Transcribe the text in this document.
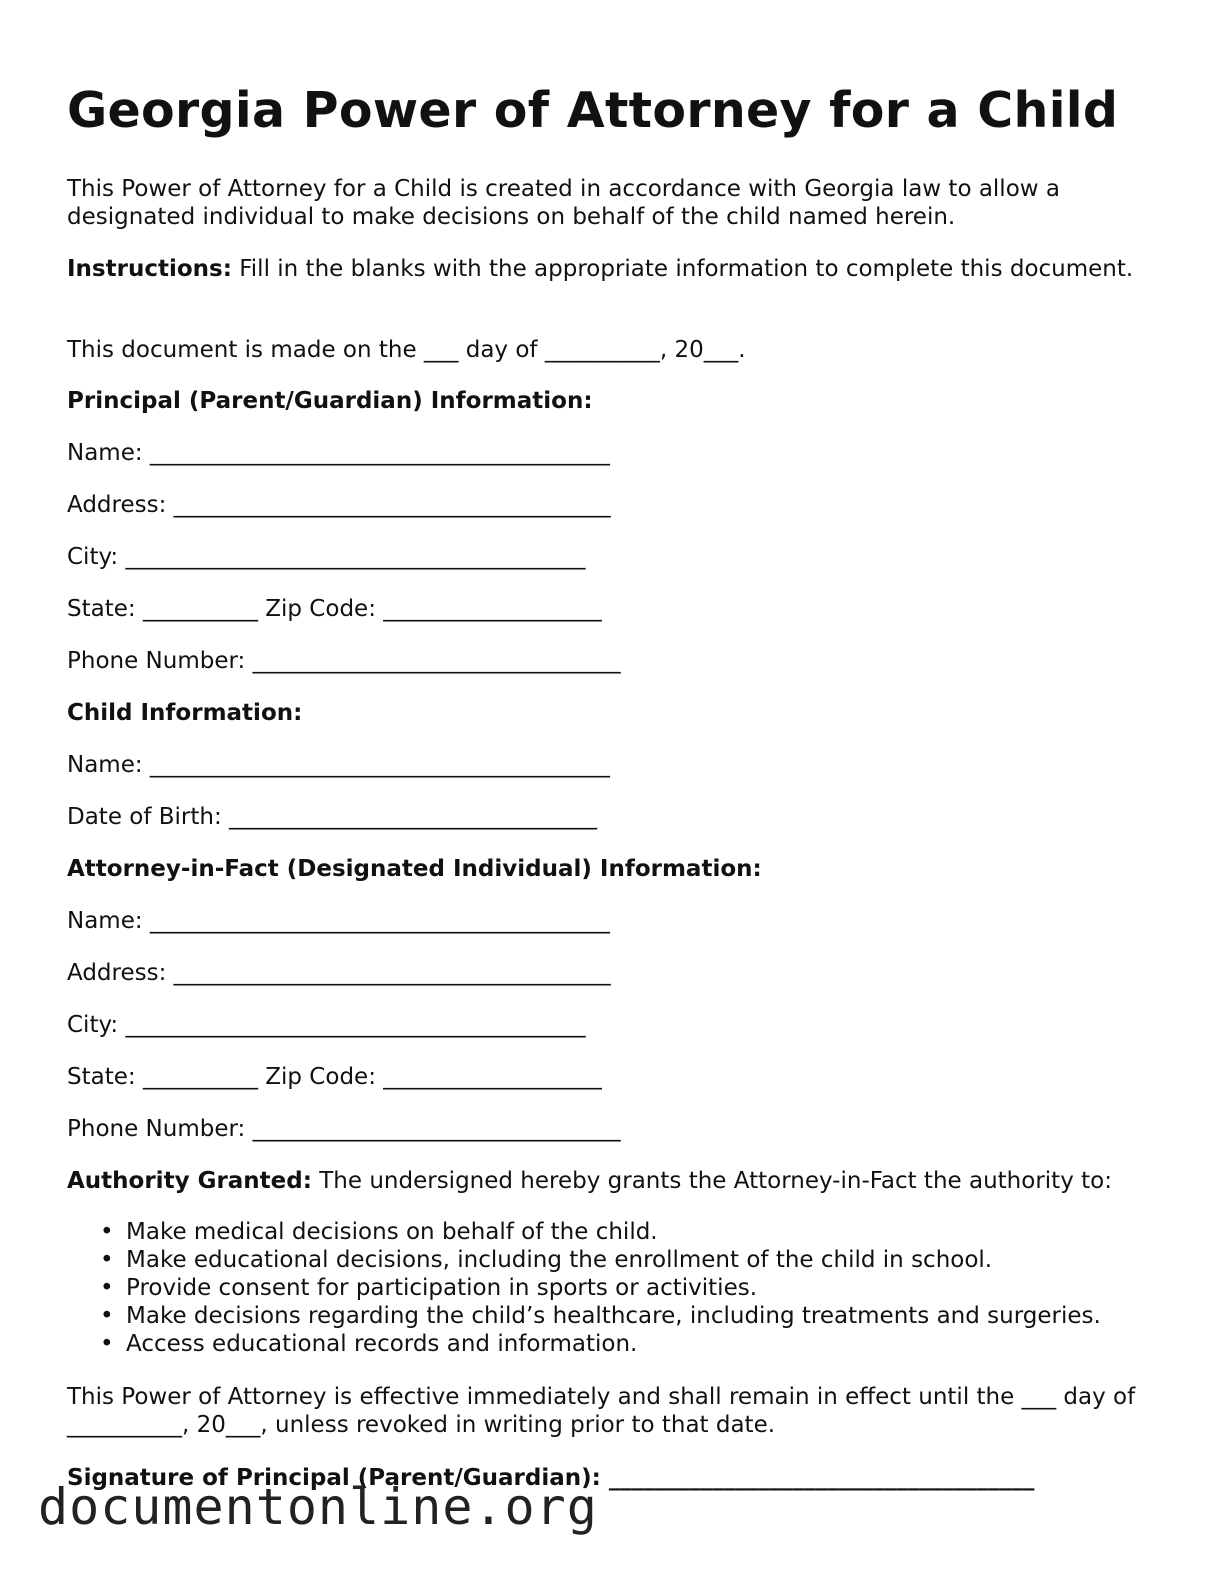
Georgia Power of Attorney for a Child

This Power of Attorney for a Child is created in accordance with Georgia law to allow a designated individual to make decisions on behalf of the child named herein.

Instructions: Fill in the blanks with the appropriate information to complete this document.

This document is made on the ___ day of __________, 20___.

Principal (Parent/Guardian) Information:

Name: ________________________________________

Address: ______________________________________

City: ________________________________________

State: __________ Zip Code: ___________________

Phone Number: ________________________________

Child Information:

Name: ________________________________________

Date of Birth: ________________________________

Attorney-in-Fact (Designated Individual) Information:

Name: ________________________________________

Address: ______________________________________

City: ________________________________________

State: __________ Zip Code: ___________________

Phone Number: ________________________________

Authority Granted: The undersigned hereby grants the Attorney-in-Fact the authority to:

• Make medical decisions on behalf of the child.
• Make educational decisions, including the enrollment of the child in school.
• Provide consent for participation in sports or activities.
• Make decisions regarding the child’s healthcare, including treatments and surgeries.
• Access educational records and information.

This Power of Attorney is effective immediately and shall remain in effect until the ___ day of __________, 20___, unless revoked in writing prior to that date.

Signature of Principal (Parent/Guardian): _____________________________________

documentonline.org
